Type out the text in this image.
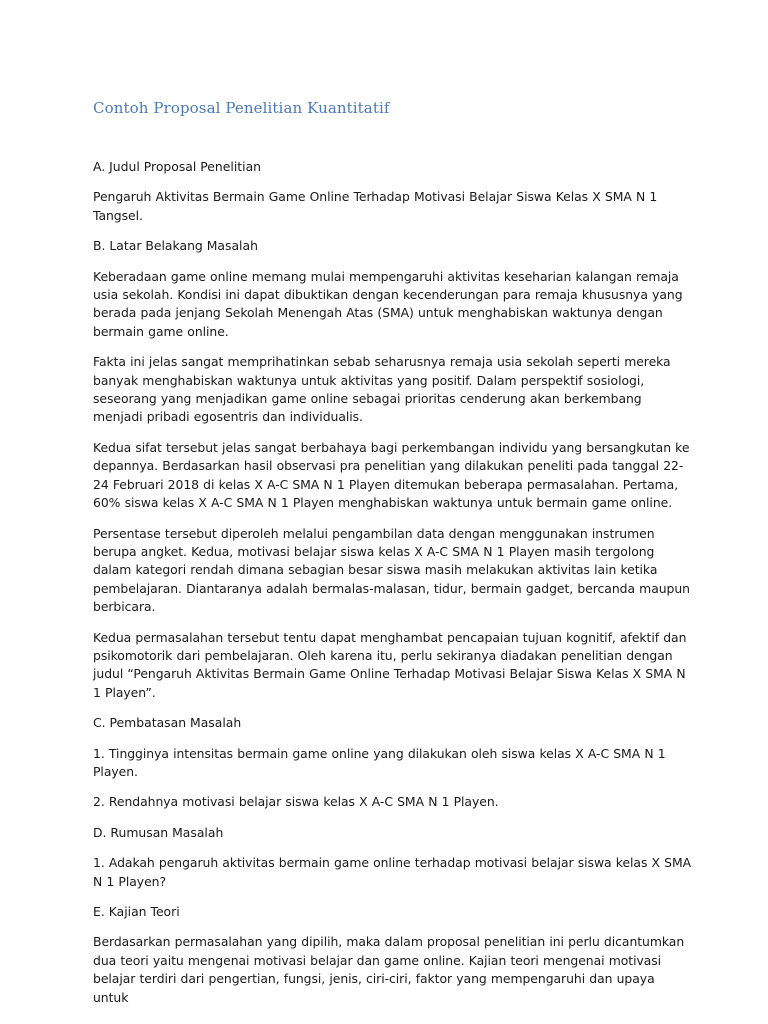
Contoh Proposal Penelitian Kuantitatif

A. Judul Proposal Penelitian

Pengaruh Aktivitas Bermain Game Online Terhadap Motivasi Belajar Siswa Kelas X SMA N 1 Tangsel.

B. Latar Belakang Masalah

Keberadaan game online memang mulai mempengaruhi aktivitas keseharian kalangan remaja usia sekolah. Kondisi ini dapat dibuktikan dengan kecenderungan para remaja khususnya yang berada pada jenjang Sekolah Menengah Atas (SMA) untuk menghabiskan waktunya dengan bermain game online.

Fakta ini jelas sangat memprihatinkan sebab seharusnya remaja usia sekolah seperti mereka banyak menghabiskan waktunya untuk aktivitas yang positif. Dalam perspektif sosiologi, seseorang yang menjadikan game online sebagai prioritas cenderung akan berkembang menjadi pribadi egosentris dan individualis.

Kedua sifat tersebut jelas sangat berbahaya bagi perkembangan individu yang bersangkutan ke depannya. Berdasarkan hasil observasi pra penelitian yang dilakukan peneliti pada tanggal 22-24 Februari 2018 di kelas X A-C SMA N 1 Playen ditemukan beberapa permasalahan. Pertama, 60% siswa kelas X A-C SMA N 1 Playen menghabiskan waktunya untuk bermain game online.

Persentase tersebut diperoleh melalui pengambilan data dengan menggunakan instrumen berupa angket. Kedua, motivasi belajar siswa kelas X A-C SMA N 1 Playen masih tergolong dalam kategori rendah dimana sebagian besar siswa masih melakukan aktivitas lain ketika pembelajaran. Diantaranya adalah bermalas-malasan, tidur, bermain gadget, bercanda maupun berbicara.

Kedua permasalahan tersebut tentu dapat menghambat pencapaian tujuan kognitif, afektif dan psikomotorik dari pembelajaran. Oleh karena itu, perlu sekiranya diadakan penelitian dengan judul “Pengaruh Aktivitas Bermain Game Online Terhadap Motivasi Belajar Siswa Kelas X SMA N 1 Playen”.

C. Pembatasan Masalah

1. Tingginya intensitas bermain game online yang dilakukan oleh siswa kelas X A-C SMA N 1 Playen.

2. Rendahnya motivasi belajar siswa kelas X A-C SMA N 1 Playen.

D. Rumusan Masalah

1. Adakah pengaruh aktivitas bermain game online terhadap motivasi belajar siswa kelas X SMA N 1 Playen?

E. Kajian Teori

Berdasarkan permasalahan yang dipilih, maka dalam proposal penelitian ini perlu dicantumkan dua teori yaitu mengenai motivasi belajar dan game online. Kajian teori mengenai motivasi belajar terdiri dari pengertian, fungsi, jenis, ciri-ciri, faktor yang mempengaruhi dan upaya untuk
